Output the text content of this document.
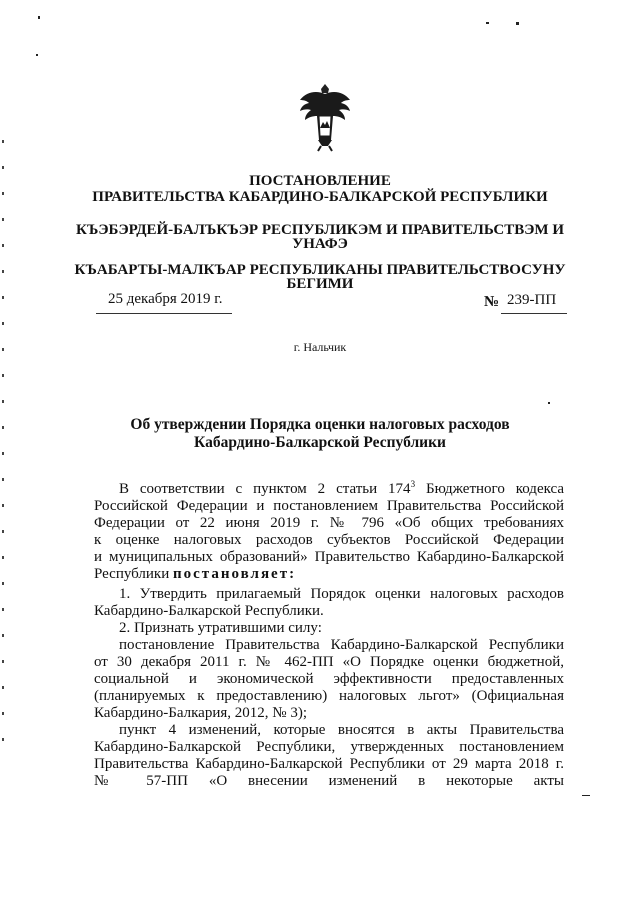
ПОСТАНОВЛЕНИЕ
ПРАВИТЕЛЬСТВА КАБАРДИНО-БАЛКАРСКОЙ РЕСПУБЛИКИ
КЪЭБЭРДЕЙ-БАЛЪКЪЭР РЕСПУБЛИКЭМ И ПРАВИТЕЛЬСТВЭМ И
УНАФЭ
КЪАБАРТЫ-МАЛКЪАР РЕСПУБЛИКАНЫ ПРАВИТЕЛЬСТВОСУНУ
БЕГИМИ
25 декабря 2019 г.	№ 239-ПП
г. Нальчик
Об утверждении Порядка оценки налоговых расходов
Кабардино-Балкарской Республики
В соответствии с пунктом 2 статьи $174^3$ Бюджетного кодекса
Российской Федерации и постановлением Правительства Российской
Федерации от 22 июня 2019 г. № 796 «Об общих требованиях
к оценке налоговых расходов субъектов Российской Федерации
и муниципальных образований» Правительство Кабардино-Балкарской
Республики постановляет:
1. Утвердить прилагаемый Порядок оценки налоговых расходов
Кабардино-Балкарской Республики.
2. Признать утратившими силу:
постановление Правительства Кабардино-Балкарской Республики
от 30 декабря 2011 г. № 462-ПП «О Порядке оценки бюджетной,
социальной и экономической эффективности предоставленных
(планируемых к предоставлению) налоговых льгот» (Официальная
Кабардино-Балкария, 2012, № 3);
пункт 4 изменений, которые вносятся в акты Правительства
Кабардино-Балкарской Республики, утвержденных постановлением
Правительства Кабардино-Балкарской Республики от 29 марта 2018 г.
№ 57-ПП «О внесении изменений в некоторые акты
